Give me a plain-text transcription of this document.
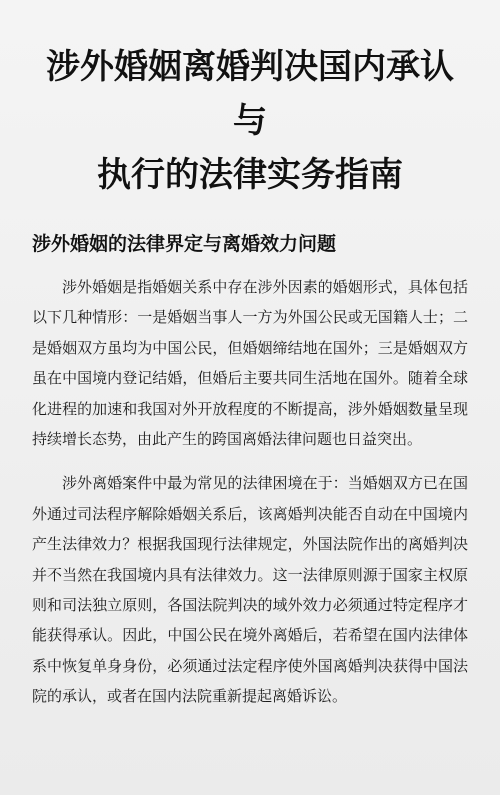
涉外婚姻离婚判决国内承认与
执行的法律实务指南
涉外婚姻的法律界定与离婚效力问题

涉外婚姻是指婚姻关系中存在涉外因素的婚姻形式，具体包括以下几种情形：一是婚姻当事人一方为外国公民或无国籍人士；二是婚姻双方虽均为中国公民，但婚姻缔结地在国外；三是婚姻双方虽在中国境内登记结婚，但婚后主要共同生活地在国外。随着全球化进程的加速和我国对外开放程度的不断提高，涉外婚姻数量呈现持续增长态势，由此产生的跨国离婚法律问题也日益突出。

涉外离婚案件中最为常见的法律困境在于：当婚姻双方已在国外通过司法程序解除婚姻关系后，该离婚判决能否自动在中国境内产生法律效力？根据我国现行法律规定，外国法院作出的离婚判决并不当然在我国境内具有法律效力。这一法律原则源于国家主权原则和司法独立原则，各国法院判决的域外效力必须通过特定程序才能获得承认。因此，中国公民在境外离婚后，若希望在国内法律体系中恢复单身身份，必须通过法定程序使外国离婚判决获得中国法院的承认，或者在国内法院重新提起离婚诉讼。
